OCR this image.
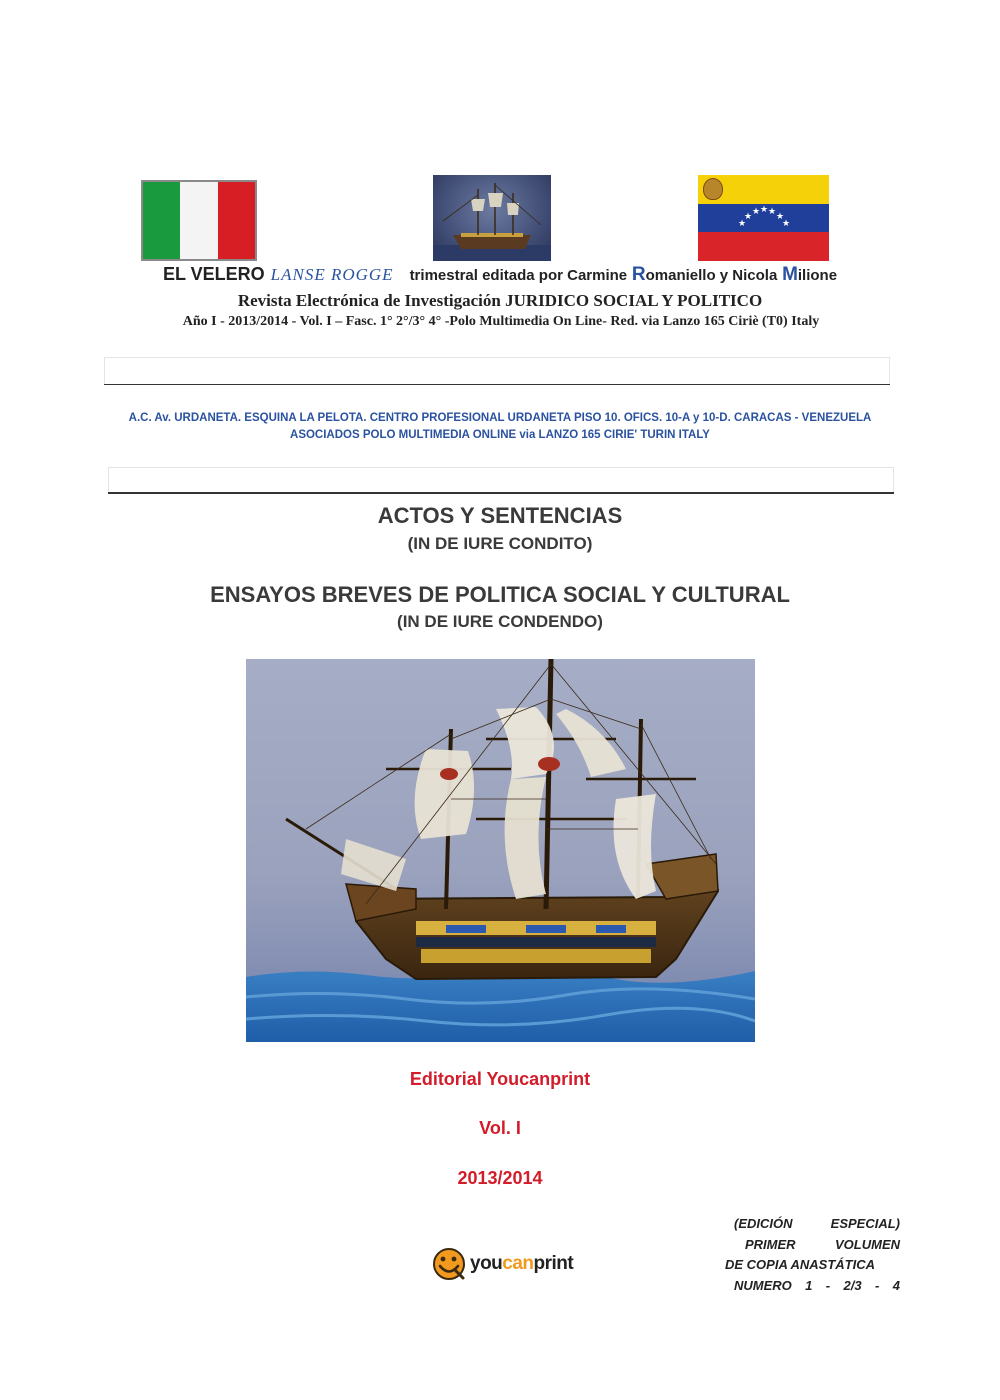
★
★ ★ ★ ★ ★
★
EL VELERO LANSE ROGGE trimestral editada por Carmine Romaniello y Nicola Milione
Revista Electrónica de Investigación JURIDICO SOCIAL Y POLITICO
Año I - 2013/2014 - Vol. I – Fasc. 1° 2°/3° 4° -Polo Multimedia On Line- Red. via Lanzo 165 Ciriè (T0) Italy
A.C. Av. URDANETA. ESQUINA LA PELOTA. CENTRO PROFESIONAL URDANETA PISO 10. OFICS. 10-A y 10-D. CARACAS - VENEZUELA
ASOCIADOS POLO MULTIMEDIA ONLINE via LANZO 165 CIRIE' TURIN ITALY
ACTOS Y SENTENCIAS
(IN DE IURE CONDITO)
ENSAYOS BREVES DE POLITICA SOCIAL Y CULTURAL
(IN DE IURE CONDENDO)
Editorial Youcanprint
Vol. I
2013/2014
(EDICIÓN	ESPECIAL)
PRIMER	VOLUMEN
DE COPIA ANASTÁTICA
NUMERO 1 - 2/3 - 4
youcanprint
